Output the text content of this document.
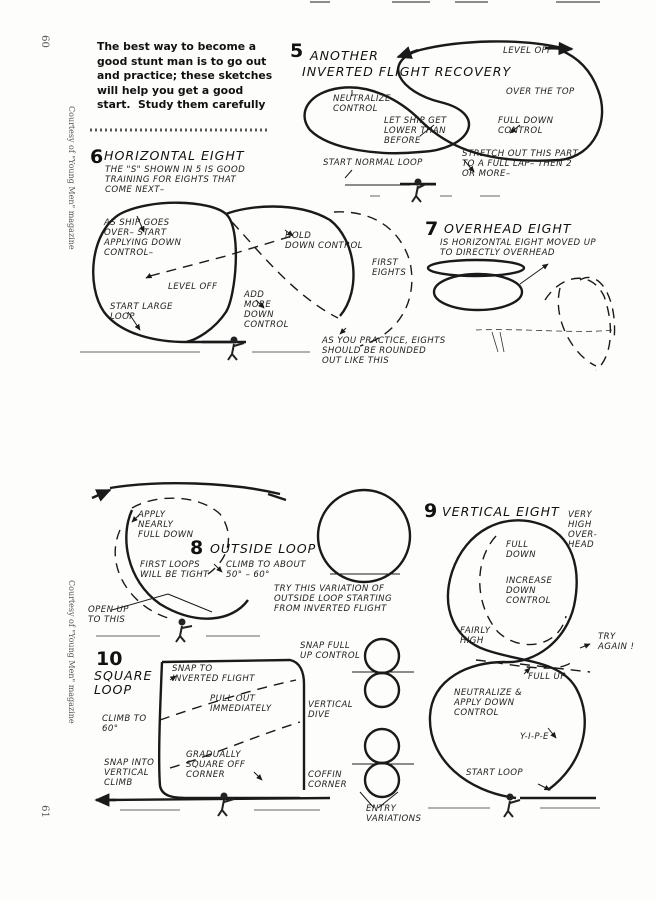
60
61
Courtesy of "Young Men" magazine
Courtesy of "Young Men" magazine
The best way to become a
good stunt man is to go out
and practice; these sketches
will help you get a good
start.  Study them carefully
5 ANOTHER
INVERTED FLIGHT RECOVERY
LEVEL OFF
OVER THE TOP
NEUTRALIZE
CONTROL
FULL DOWN
CONTROL
LET SHIP GET
LOWER THAN
BEFORE
START NORMAL LOOP
STRETCH OUT THIS PART
TO A FULL LAP– THEN 2
OR MORE–
6 HORIZONTAL EIGHT
THE "S" SHOWN IN 5 IS GOOD
TRAINING FOR EIGHTS THAT
COME NEXT–
AS SHIP GOES
OVER– START
APPLYING DOWN
CONTROL–
HOLD
DOWN CONTROL
LEVEL OFF
START LARGE
LOOP
ADD
MORE
DOWN
CONTROL
FIRST
EIGHTS
AS YOU PRACTICE, EIGHTS
SHOULD BE ROUNDED
OUT LIKE THIS
7 OVERHEAD EIGHT
IS HORIZONTAL EIGHT MOVED UP
TO DIRECTLY OVERHEAD
APPLY
NEARLY
FULL DOWN
8 OUTSIDE LOOP
FIRST LOOPS
WILL BE TIGHT
CLIMB TO ABOUT
50° – 60°
OPEN UP
TO THIS
TRY THIS VARIATION OF
OUTSIDE LOOP STARTING
FROM INVERTED FLIGHT
9 VERTICAL EIGHT VERY
HIGH
OVER-
HEAD
FULL
DOWN
INCREASE
DOWN
CONTROL
FAIRLY
HIGH	TRY
AGAIN !
FULL UP
NEUTRALIZE &
APPLY DOWN
CONTROL
Y-I-P-E
START LOOP
10
SQUARE
LOOP
SNAP TO
INVERTED FLIGHT
SNAP FULL
UP CONTROL
PULL OUT
IMMEDIATELY	VERTICAL
DIVE
CLIMB TO
60°
GRADUALLY
SQUARE OFF
CORNER
SNAP INTO
VERTICAL
CLIMB
COFFIN
CORNER
ENTRY
VARIATIONS
